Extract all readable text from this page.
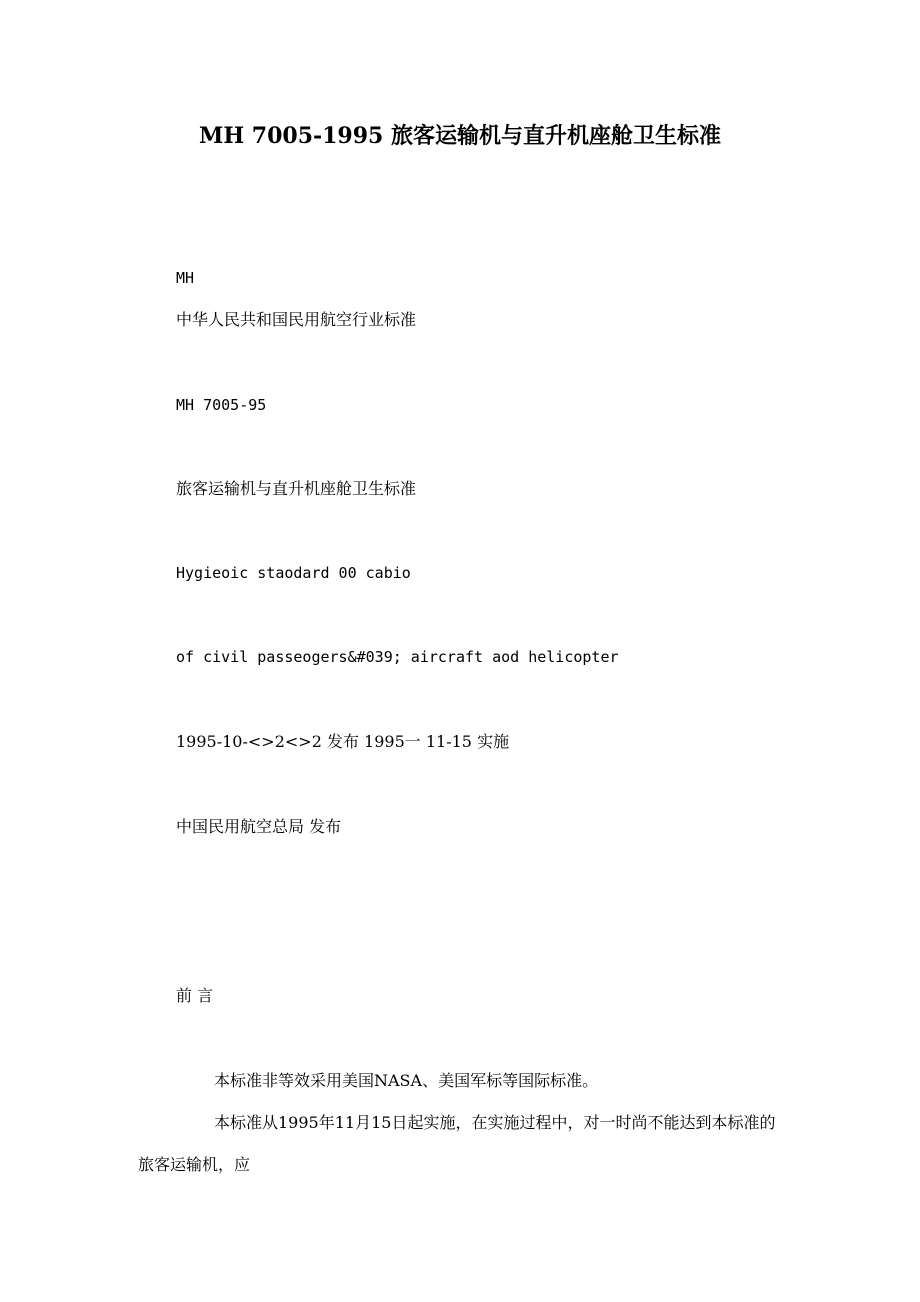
MH 7005-1995 旅客运输机与直升机座舱卫生标准
MH
中华人民共和国民用航空行业标准
MH 7005-95
旅客运输机与直升机座舱卫生标准
Hygieoic staodard 00 cabio
of civil passeogers&#039; aircraft aod helicopter
1995-10-<>2<>2 发布 1995一 11-15 实施
中国民用航空总局 发布
前 言
本标准非等效采用美国NASA、美国军标等国际标准。
本标准从1995年11月15日起实施，在实施过程中，对一时尚不能达到本标准的旅客运输机，应
